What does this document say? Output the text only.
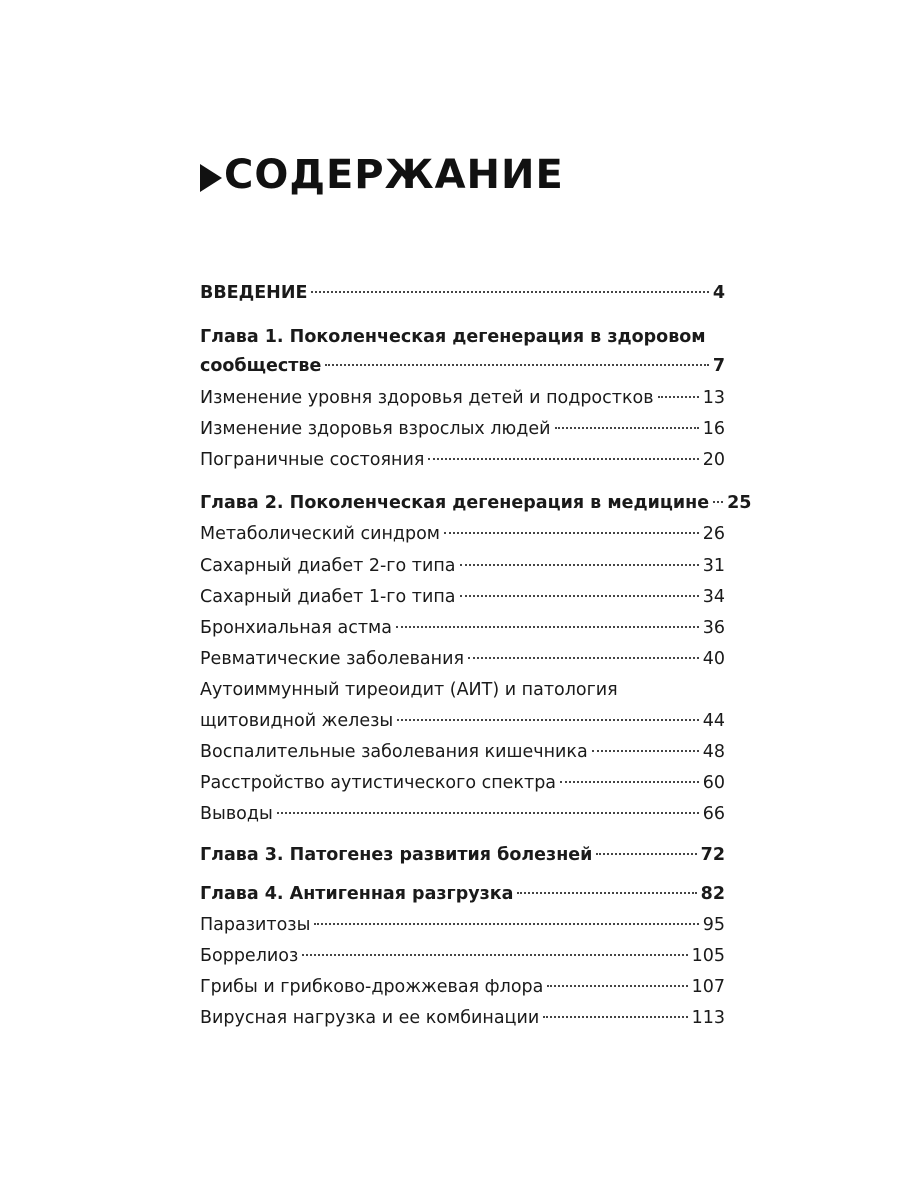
СОДЕРЖАНИЕ
ВВЕДЕНИЕ	4
Глава 1. Поколенческая дегенерация в здоровом
сообществе	7
Изменение уровня здоровья детей и подростков	13
Изменение здоровья взрослых людей	16
Пограничные состояния	20
Глава 2. Поколенческая дегенерация в медицине 25
Метаболический синдром	26
Сахарный диабет 2-го типа	31
Сахарный диабет 1-го типа	34
Бронхиальная астма	36
Ревматические заболевания	40
Аутоиммунный тиреоидит (АИТ) и патология
щитовидной железы	44
Воспалительные заболевания кишечника	48
Расстройство аутистического спектра	60
Выводы	66
Глава 3. Патогенез развития болезней	72
Глава 4. Антигенная разгрузка	82
Паразитозы	95
Боррелиоз	105
Грибы и грибково-дрожжевая флора	107
Вирусная нагрузка и ее комбинации	113
